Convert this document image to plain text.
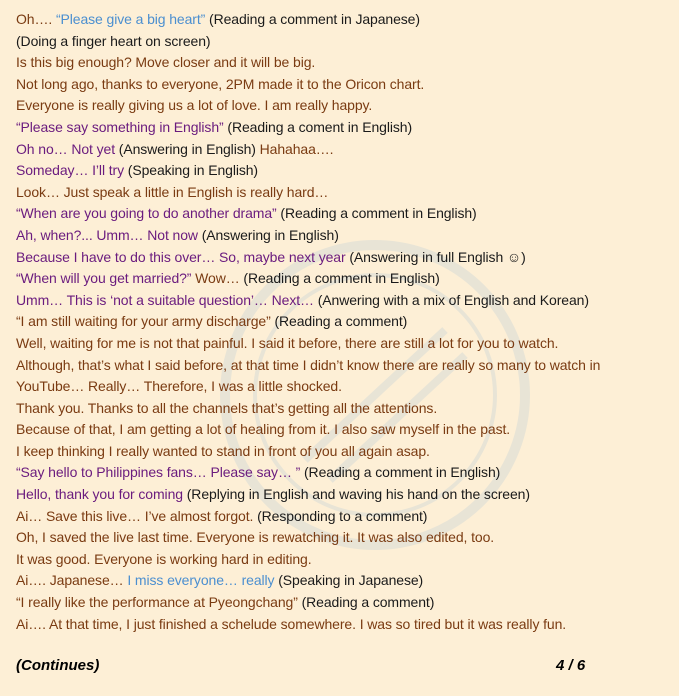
Oh…. “Please give a big heart” (Reading a comment in Japanese)
(Doing a finger heart on screen)
Is this big enough? Move closer and it will be big.
Not long ago, thanks to everyone, 2PM made it to the Oricon chart.
Everyone is really giving us a lot of love. I am really happy.
“Please say something in English” (Reading a coment in English)
Oh no… Not yet (Answering in English) Hahahaa….
Someday… I’ll try (Speaking in English)
Look… Just speak a little in English is really hard…
“When are you going to do another drama” (Reading a comment in English)
Ah, when?... Umm… Not now (Answering in English)
Because I have to do this over… So, maybe next year (Answering in full English ☺)
“When will you get married?” Wow… (Reading a comment in English)
Umm… This is ‘not a suitable question’… Next… (Anwering with a mix of English and Korean)
“I am still waiting for your army discharge” (Reading a comment)
Well, waiting for me is not that painful. I said it before, there are still a lot for you to watch.
Although, that’s what I said before, at that time I didn’t know there are really so many to watch in
YouTube… Really… Therefore, I was a little shocked.
Thank you. Thanks to all the channels that’s getting all the attentions.
Because of that, I am getting a lot of healing from it. I also saw myself in the past.
I keep thinking I really wanted to stand in front of you all again asap.
“Say hello to Philippines fans… Please say… ” (Reading a comment in English)
Hello, thank you for coming (Replying in English and waving his hand on the screen)
Ai… Save this live… I’ve almost forgot. (Responding to a comment)
Oh, I saved the live last time. Everyone is rewatching it. It was also edited, too.
It was good. Everyone is working hard in editing.
Ai…. Japanese… I miss everyone… really (Speaking in Japanese)
“I really like the performance at Pyeongchang” (Reading a comment)
Ai…. At that time, I just finished a schelude somewhere. I was so tired but it was really fun.
(Continues)	4 / 6
